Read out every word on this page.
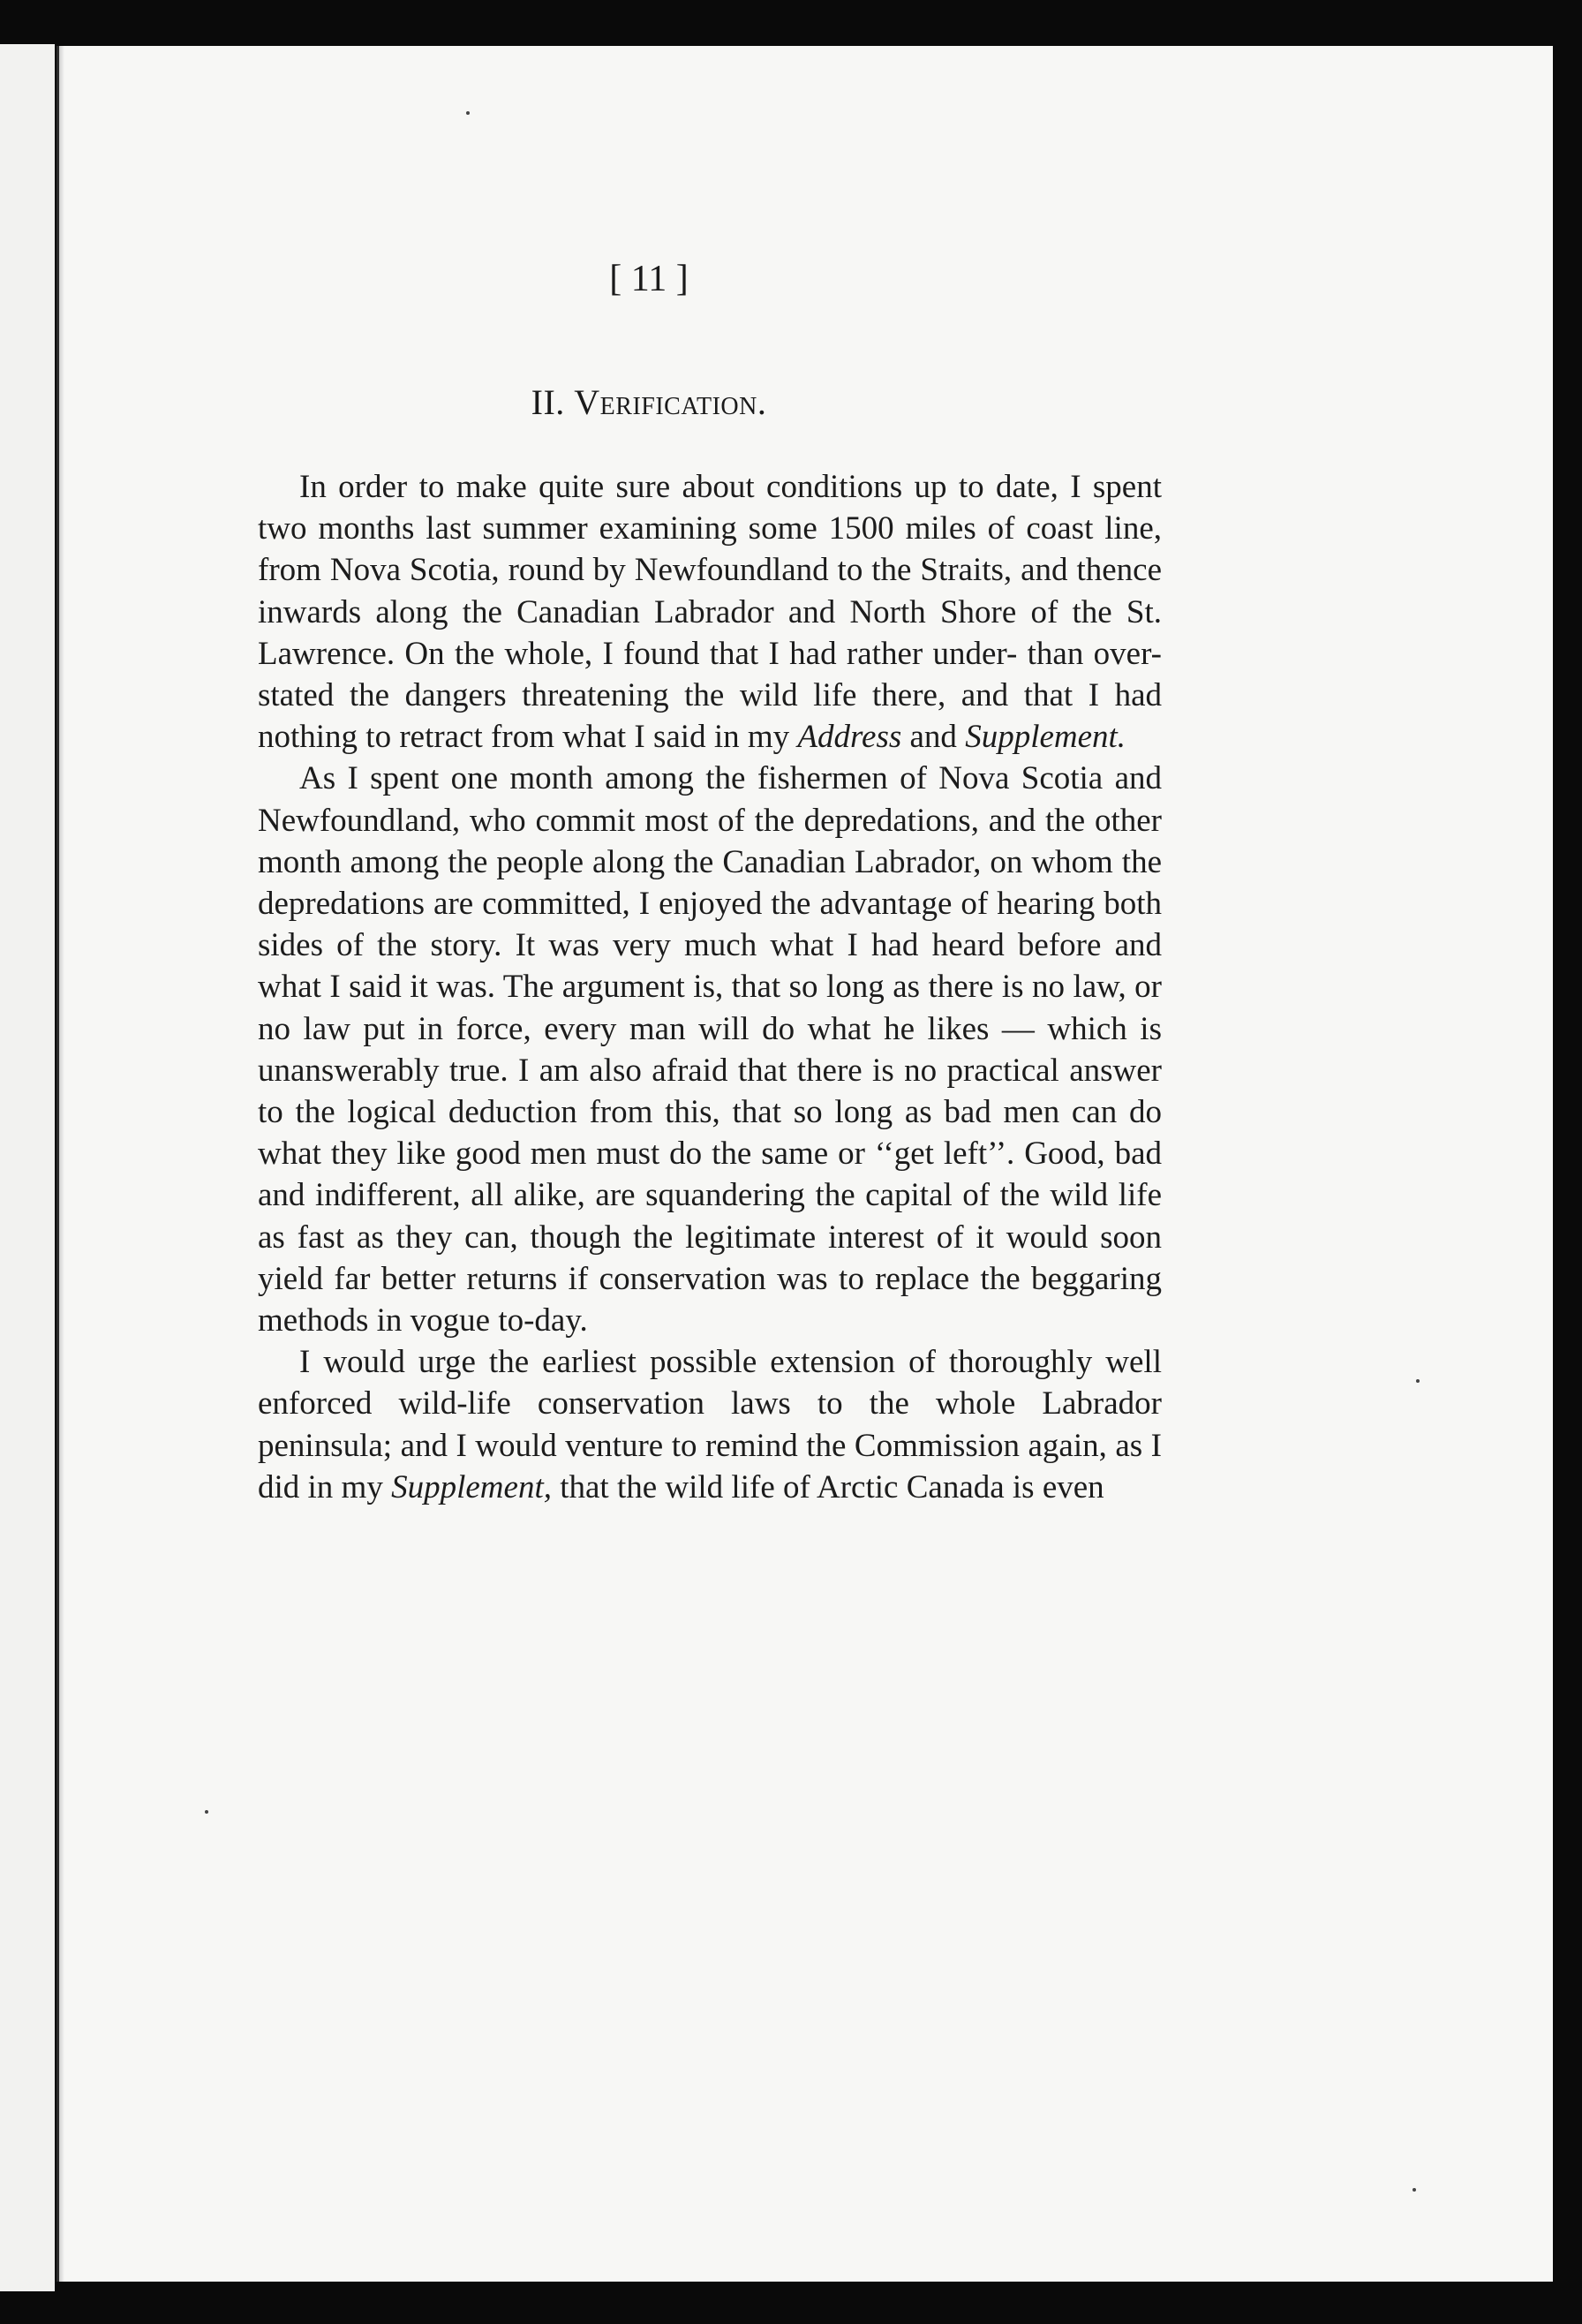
[ 11 ]
II. Verification.

In order to make quite sure about conditions up to date, I spent two months last summer examining some 1500 miles of coast line, from Nova Scotia, round by Newfoundland to the Straits, and thence inwards along the Canadian Labrador and North Shore of the St. Lawrence. On the whole, I found that I had rather under- than over-stated the dangers threatening the wild life there, and that I had nothing to retract from what I said in my Address and Supplement.

As I spent one month among the fishermen of Nova Scotia and Newfoundland, who commit most of the depredations, and the other month among the people along the Canadian Labrador, on whom the depredations are committed, I enjoyed the advantage of hearing both sides of the story. It was very much what I had heard before and what I said it was. The argument is, that so long as there is no law, or no law put in force, every man will do what he likes — which is unanswerably true. I am also afraid that there is no practical answer to the logical deduction from this, that so long as bad men can do what they like good men must do the same or ‘‘get left’’. Good, bad and indifferent, all alike, are squandering the capital of the wild life as fast as they can, though the legitimate interest of it would soon yield far better returns if conservation was to replace the beggaring methods in vogue to-day.

I would urge the earliest possible extension of thoroughly well enforced wild-life conservation laws to the whole Labrador peninsula; and I would venture to remind the Commission again, as I did in my Supplement, that the wild life of Arctic Canada is even
